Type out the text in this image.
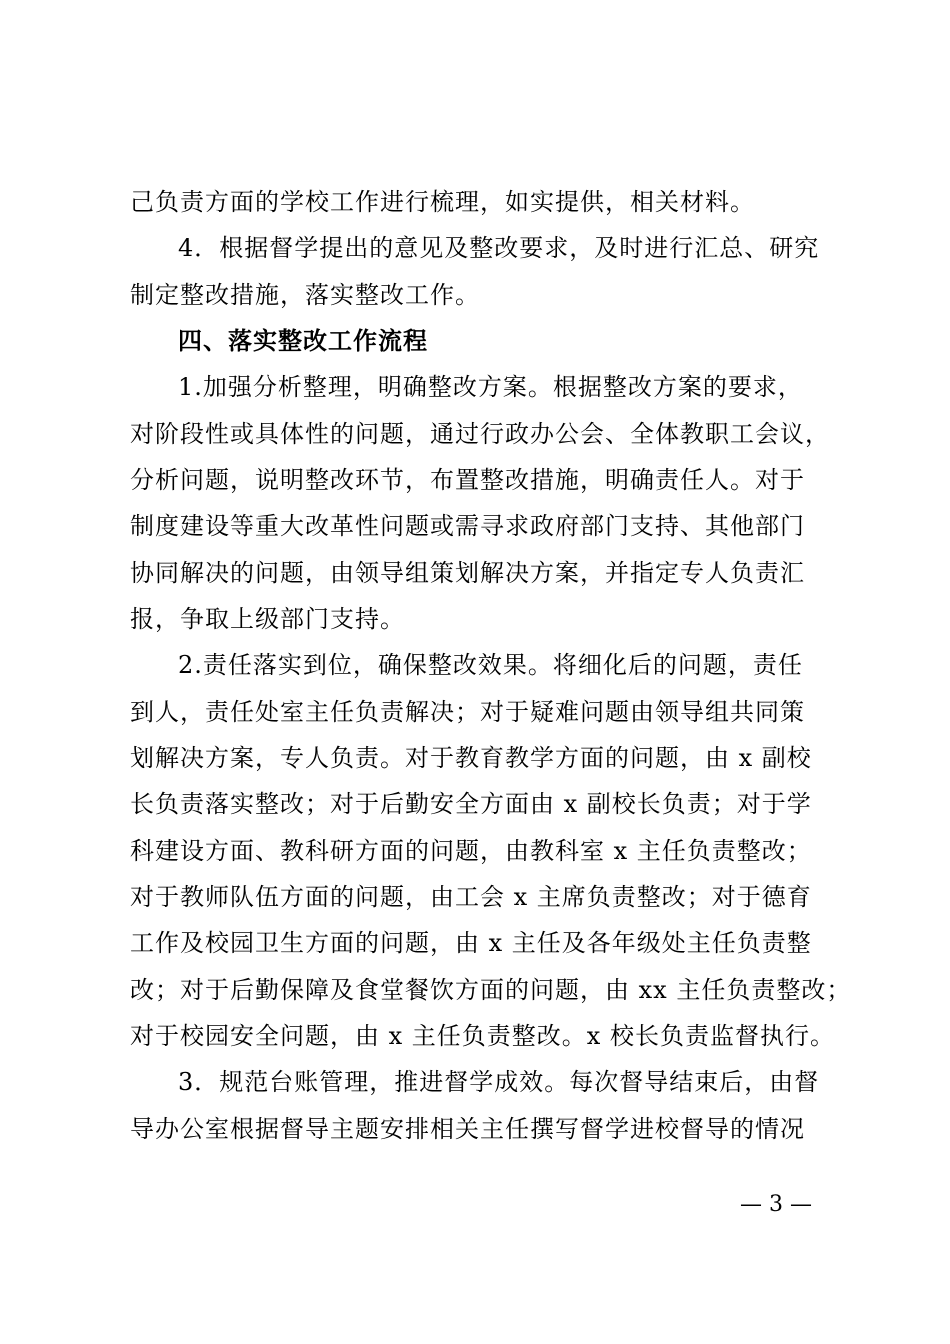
己负责方面的学校工作进行梳理，如实提供，相关材料。
4．根据督学提出的意见及整改要求，及时进行汇总、研究
制定整改措施，落实整改工作。
四、落实整改工作流程
1.加强分析整理，明确整改方案。根据整改方案的要求，
对阶段性或具体性的问题，通过行政办公会、全体教职工会议，
分析问题，说明整改环节，布置整改措施，明确责任人。对于
制度建设等重大改革性问题或需寻求政府部门支持、其他部门
协同解决的问题，由领导组策划解决方案，并指定专人负责汇
报，争取上级部门支持。
2.责任落实到位，确保整改效果。将细化后的问题，责任
到人，责任处室主任负责解决；对于疑难问题由领导组共同策
划解决方案，专人负责。对于教育教学方面的问题，由 x 副校
长负责落实整改；对于后勤安全方面由 x 副校长负责；对于学
科建设方面、教科研方面的问题，由教科室 x 主任负责整改；
对于教师队伍方面的问题，由工会 x 主席负责整改；对于德育
工作及校园卫生方面的问题，由 x 主任及各年级处主任负责整
改；对于后勤保障及食堂餐饮方面的问题，由 xx 主任负责整改；
对于校园安全问题，由 x 主任负责整改。x 校长负责监督执行。
3．规范台账管理，推进督学成效。每次督导结束后，由督
导办公室根据督导主题安排相关主任撰写督学进校督导的情况
— 3 —
